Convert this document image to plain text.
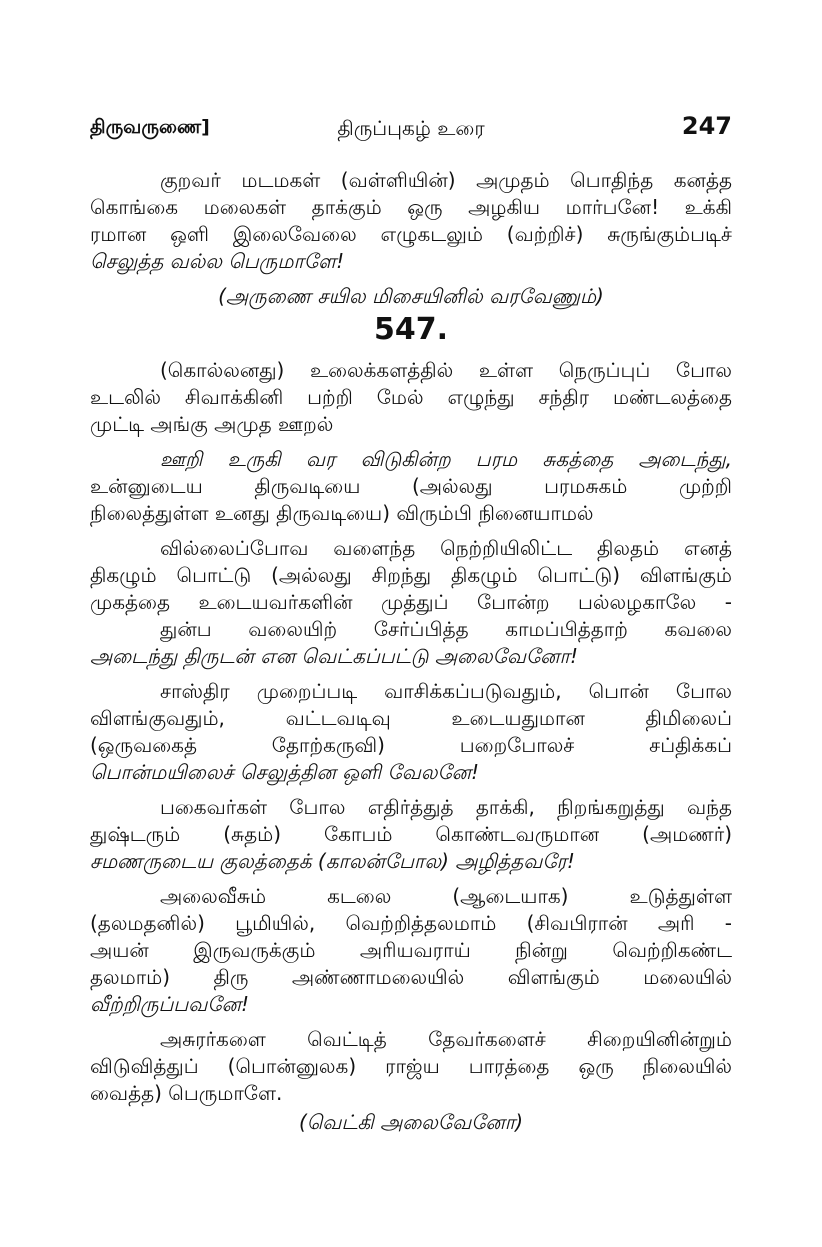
திருவருணை]	திருப்புகழ் உரை	247
குறவர் மடமகள் (வள்ளியின்) அமுதம் பொதிந்த கனத்த
கொங்கை மலைகள் தாக்கும் ஒரு அழகிய மார்பனே! உக்கி
ரமான ஒளி இலைவேலை எழுகடலும் (வற்றிச்) சுருங்கும்படிச்
செலுத்த வல்ல பெருமாளே!
(அருணை சயில மிசையினில் வரவேணும்)
547.
(கொல்லனது) உலைக்களத்தில் உள்ள நெருப்புப் போல
உடலில் சிவாக்கினி பற்றி மேல் எழுந்து சந்திர மண்டலத்தை
முட்டி அங்கு அமுத ஊறல்
ஊறி உருகி வர விடுகின்ற பரம சுகத்தை அடைந்து,
உன்னுடைய திருவடியை (அல்லது பரமசுகம் முற்றி
நிலைத்துள்ள உனது திருவடியை) விரும்பி நினையாமல்
வில்லைப்போவ வளைந்த நெற்றியிலிட்ட திலதம் எனத்
திகழும் பொட்டு (அல்லது சிறந்து திகழும் பொட்டு) விளங்கும்
முகத்தை உடையவர்களின் முத்துப் போன்ற பல்லழகாலே -
துன்ப வலையிற் சேர்ப்பித்த காமப்பித்தாற் கவலை
அடைந்து திருடன் என வெட்கப்பட்டு அலைவேனோ!
சாஸ்திர முறைப்படி வாசிக்கப்படுவதும், பொன் போல
விளங்குவதும், வட்டவடிவு உடையதுமான திமிலைப்
(ஒருவகைத் தோற்கருவி) பறைபோலச் சப்திக்கப்
பொன்மயிலைச் செலுத்தின ஒளி வேலனே!
பகைவர்கள் போல எதிர்த்துத் தாக்கி, நிறங்கறுத்து வந்த
துஷ்டரும் (சுதம்) கோபம் கொண்டவருமான (அமணர்)
சமணருடைய குலத்தைக் (காலன்போல) அழித்தவரே!
அலைவீசும் கடலை (ஆடையாக) உடுத்துள்ள
(தலமதனில்) பூமியில், வெற்றித்தலமாம் (சிவபிரான் அரி -
அயன் இருவருக்கும் அரியவராய் நின்று வெற்றிகண்ட
தலமாம்) திரு அண்ணாமலையில் விளங்கும் மலையில்
வீற்றிருப்பவனே!
அசுரர்களை வெட்டித் தேவர்களைச் சிறையினின்றும்
விடுவித்துப் (பொன்னுலக) ராஜ்ய பாரத்தை ஒரு நிலையில்
வைத்த) பெருமாளே.
(வெட்கி அலைவேனோ)
